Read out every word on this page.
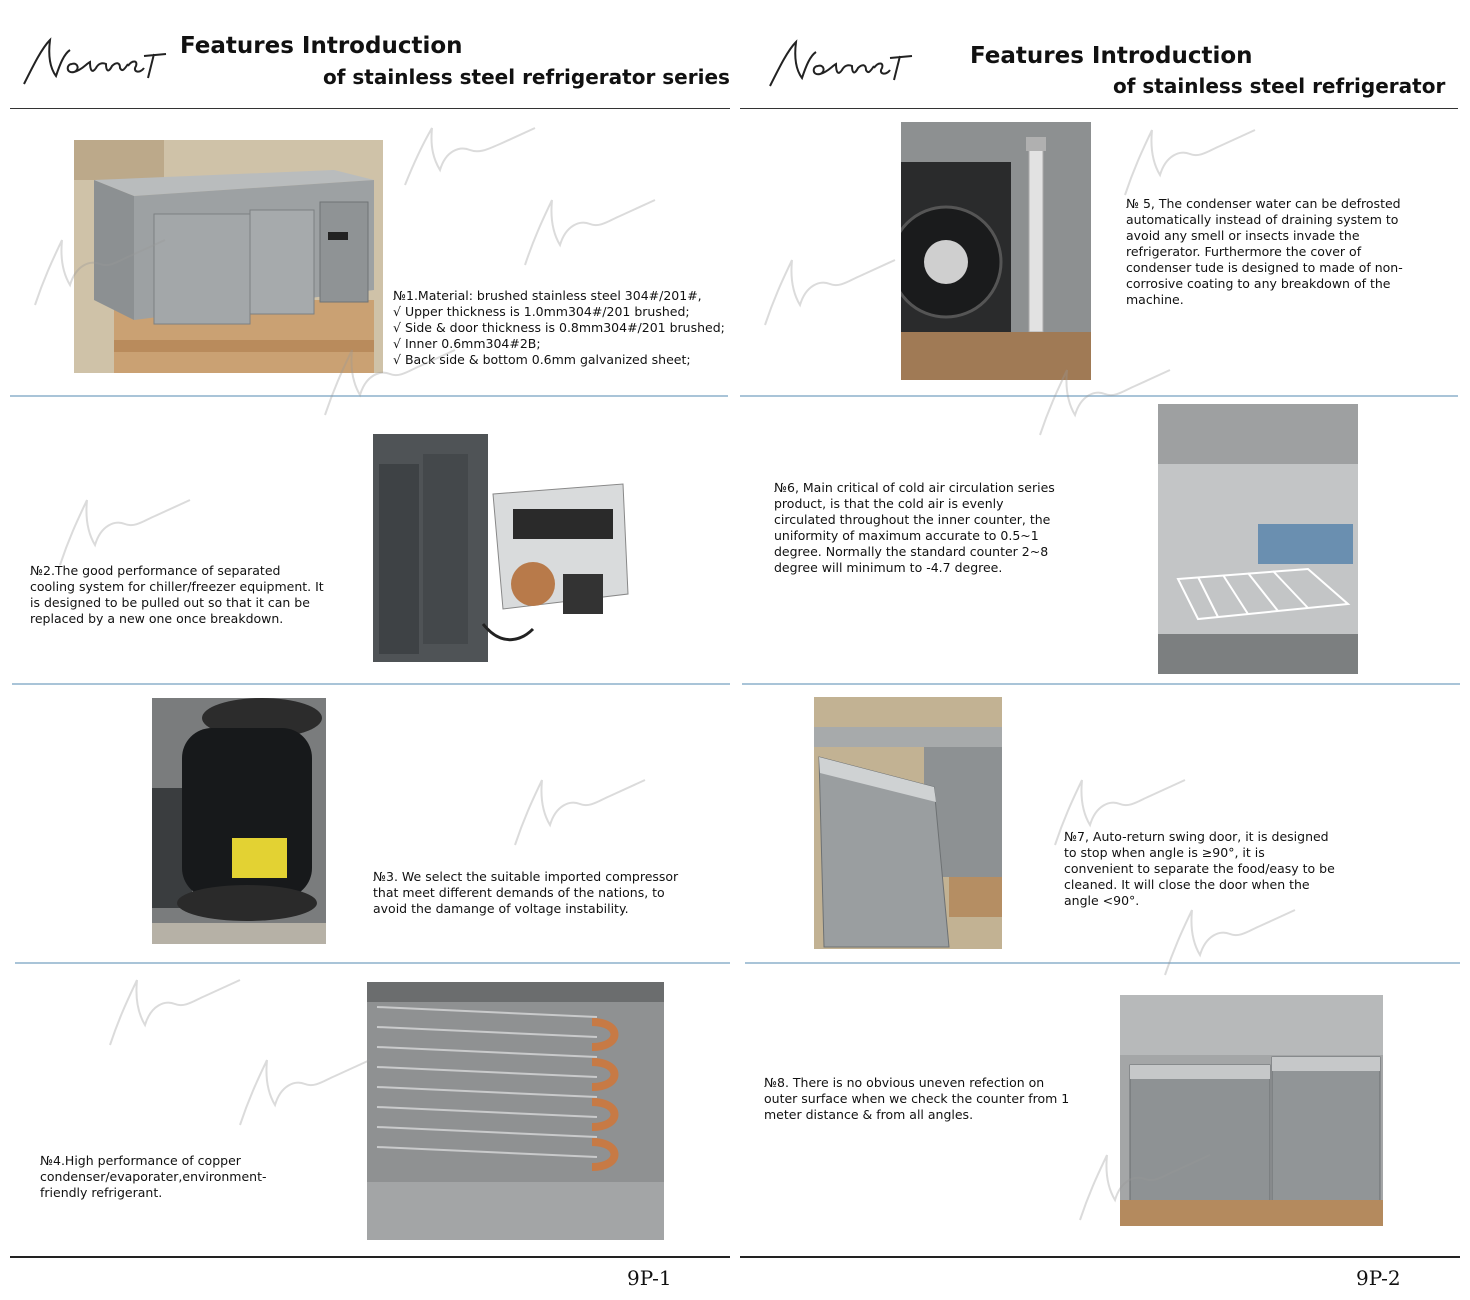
Features Introduction
of stainless steel refrigerator series
№1.Material: brushed stainless steel 304#/201#,
√ Upper thickness is 1.0mm304#/201 brushed;
√ Side & door thickness is 0.8mm304#/201 brushed;
√ Inner 0.6mm304#2B;
√ Back side & bottom 0.6mm galvanized sheet;
№2.The good performance of separated
cooling system for chiller/freezer equipment. It
is designed to be pulled out so that it can be
replaced by a new one once breakdown.
№3. We select the suitable imported compressor
that meet different demands of the nations, to
avoid the damange of voltage instability.
№4.High performance of copper
condenser/evaporater,environment-
friendly refrigerant.
9P-1
Features Introduction
of stainless steel refrigerator
№ 5, The condenser water can be defrosted
automatically instead of draining system to
avoid any smell or insects invade the
refrigerator. Furthermore the cover of
condenser tude is designed to made of non-
corrosive coating to any breakdown of the
machine.
№6, Main critical of cold air circulation series
product, is that the cold air is evenly
circulated throughout the inner counter, the
uniformity of maximum accurate to 0.5~1
degree. Normally the standard counter 2~8
degree will minimum to -4.7 degree.
№7, Auto-return swing door, it is designed
to stop when angle is ≥90°, it is
convenient to separate the food/easy to be
cleaned. It will close the door when the
angle <90°.
№8. There is no obvious uneven refection on
outer surface when we check the counter from 1
meter distance & from all angles.
9P-2
